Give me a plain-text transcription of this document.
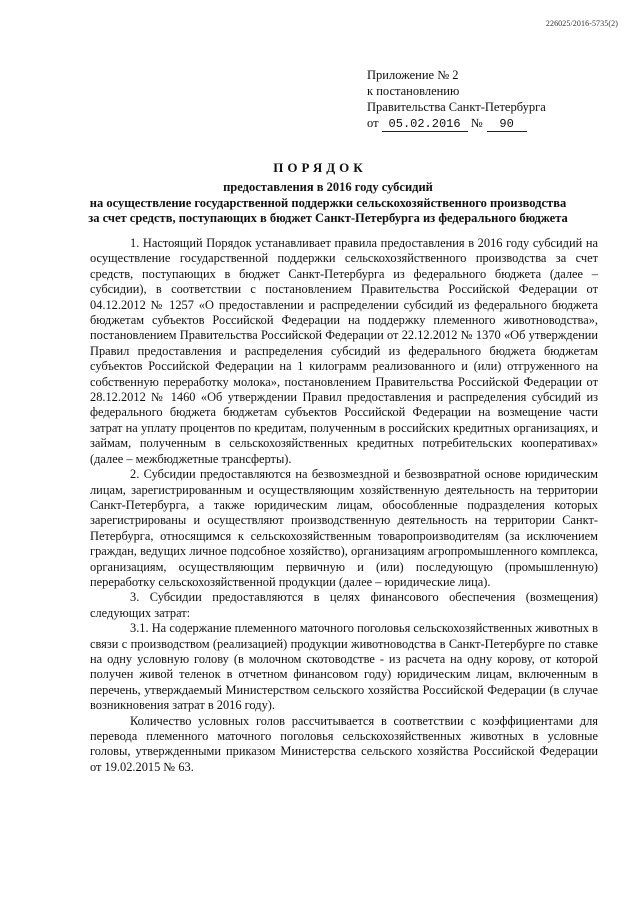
226025/2016-5735(2)
Приложение № 2
к постановлению
Правительства Санкт-Петербурга
от 05.02.2016 № 90
ПОРЯДОК
предоставления в 2016 году субсидий
на осуществление государственной поддержки сельскохозяйственного производства
за счет средств, поступающих в бюджет Санкт-Петербурга из федерального бюджета

1. Настоящий Порядок устанавливает правила предоставления в 2016 году субсидий на осуществление государственной поддержки сельскохозяйственного производства за счет средств, поступающих в бюджет Санкт-Петербурга из федерального бюджета (далее – субсидии), в соответствии с постановлением Правительства Российской Федерации от 04.12.2012 № 1257 «О предоставлении и распределении субсидий из федерального бюджета бюджетам субъектов Российской Федерации на поддержку племенного животноводства», постановлением Правительства Российской Федерации от 22.12.2012 № 1370 «Об утверждении Правил предоставления и распределения субсидий из федерального бюджета бюджетам субъектов Российской Федерации на 1 килограмм реализованного и (или) отгруженного на собственную переработку молока», постановлением Правительства Российской Федерации от 28.12.2012 № 1460 «Об утверждении Правил предоставления и распределения субсидий из федерального бюджета бюджетам субъектов Российской Федерации на возмещение части затрат на уплату процентов по кредитам, полученным в российских кредитных организациях, и займам, полученным в сельскохозяйственных кредитных потребительских кооперативах» (далее – межбюджетные трансферты).

2. Субсидии предоставляются на безвозмездной и безвозвратной основе юридическим лицам, зарегистрированным и осуществляющим хозяйственную деятельность на территории Санкт-Петербурга, а также юридическим лицам, обособленные подразделения которых зарегистрированы и осуществляют производственную деятельность на территории Санкт-Петербурга, относящимся к сельскохозяйственным товаропроизводителям (за исключением граждан, ведущих личное подсобное хозяйство), организациям агропромышленного комплекса, организациям, осуществляющим первичную и (или) последующую (промышленную) переработку сельскохозяйственной продукции (далее – юридические лица).

3. Субсидии предоставляются в целях финансового обеспечения (возмещения) следующих затрат:

3.1. На содержание племенного маточного поголовья сельскохозяйственных животных в связи с производством (реализацией) продукции животноводства в Санкт-Петербурге по ставке на одну условную голову (в молочном скотоводстве - из расчета на одну корову, от которой получен живой теленок в отчетном финансовом году) юридическим лицам, включенным в перечень, утверждаемый Министерством сельского хозяйства Российской Федерации (в случае возникновения затрат в 2016 году).

Количество условных голов рассчитывается в соответствии с коэффициентами для перевода племенного маточного поголовья сельскохозяйственных животных в условные головы, утвержденными приказом Министерства сельского хозяйства Российской Федерации от 19.02.2015 № 63.
